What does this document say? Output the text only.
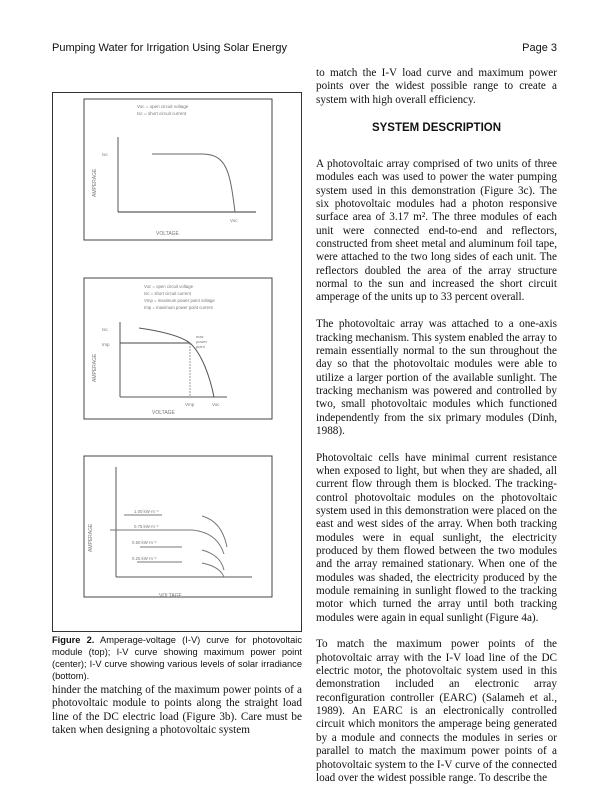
Pumping Water for Irrigation Using Solar Energy	Page 3
Voc = open circuit voltage
Isc = short circuit current
Isc
Voc
VOLTAGE
AMPERAGE
Voc = open circuit voltage
Isc = short circuit current
Vmp = maximum power point voltage
Imp = maximum power point current
Isc
Imp
max
power
point
Vmp	Voc
VOLTAGE
AMPERAGE
1.00 kW·m⁻²
0.75 kW·m⁻²
0.50 kW·m⁻²
0.25 kW·m⁻²
VOLTAGE
AMPERAGE
Figure 2. Amperage-voltage (I-V) curve for photovoltaic module (top); I-V curve showing maximum power point (center); I-V curve showing various levels of solar irradiance (bottom).

hinder the matching of the maximum power points of a photovoltaic module to points along the straight load line of the DC electric load (Figure 3b). Care must be taken when designing a photovoltaic system

to match the I-V load curve and maximum power points over the widest possible range to create a system with high overall efficiency.

SYSTEM DESCRIPTION

A photovoltaic array comprised of two units of three modules each was used to power the water pumping system used in this demonstration (Figure 3c). The six photovoltaic modules had a photon responsive surface area of 3.17 m². The three modules of each unit were connected end-to-end and reflectors, constructed from sheet metal and aluminum foil tape, were attached to the two long sides of each unit. The reflectors doubled the area of the array structure normal to the sun and increased the short circuit amperage of the units up to 33 percent overall.

The photovoltaic array was attached to a one-axis tracking mechanism. This system enabled the array to remain essentially normal to the sun throughout the day so that the photovoltaic modules were able to utilize a larger portion of the available sunlight. The tracking mechanism was powered and controlled by two, small photovoltaic modules which functioned independently from the six primary modules (Dinh, 1988).

Photovoltaic cells have minimal current resistance when exposed to light, but when they are shaded, all current flow through them is blocked. The tracking-control photovoltaic modules on the photovoltaic system used in this demonstration were placed on the east and west sides of the array. When both tracking modules were in equal sunlight, the electricity produced by them flowed between the two modules and the array remained stationary. When one of the modules was shaded, the electricity produced by the module remaining in sunlight flowed to the tracking motor which turned the array until both tracking modules were again in equal sunlight (Figure 4a).

To match the maximum power points of the photovoltaic array with the I-V load line of the DC electric motor, the photovoltaic system used in this demonstration included an electronic array reconfiguration controller (EARC) (Salameh et al., 1989). An EARC is an electronically controlled circuit which monitors the amperage being generated by a module and connects the modules in series or parallel to match the maximum power points of a photovoltaic system to the I-V curve of the connected load over the widest possible range. To describe the
